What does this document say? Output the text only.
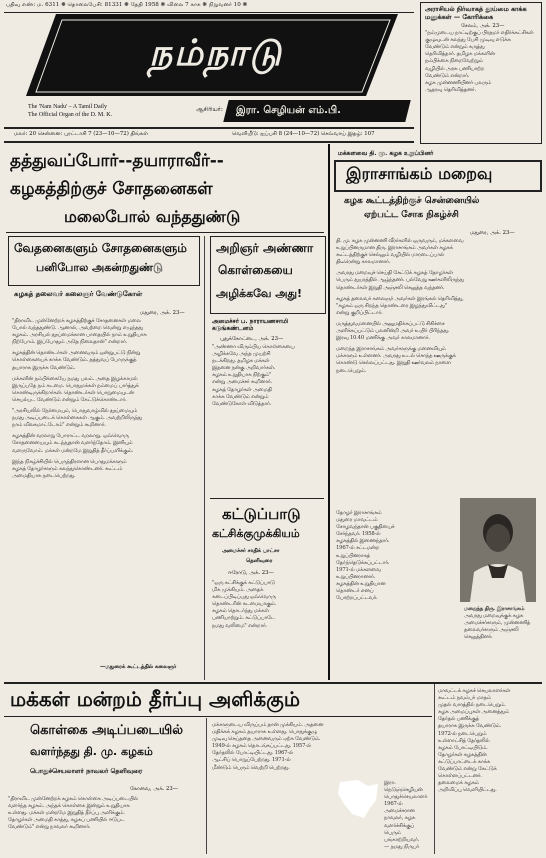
பதிவு எண்: ம. 6311 ❋ தொலைபேசி: 81331 ❋ தேதி 1958 ❋ விலை 7 காசு ❋ நிறுவனர் 10 ❋
நம்நாடு
The 'Nam Nadu' – A Tamil Daily
The Official Organ of the D. M. K.
ஆசிரியர்: இரா. செழியன் எம்.பி.
மலர்: 20 சென்னை: புரட்டாசி 7 (23—10—72) திங்கள்	வெளியீடு: ஐப்பசி 8 (24—10—72) செவ்வாய் இதழ்: 107
அராசியல் நிர்வாகத் தூய்மை காக்க மனுக்கள் — கோரிக்கை
சேலம், அக். 23—
"நம்முடைய நாட்டிற்குப் பிரதமர் எதிர்க்கட்சிகள்
குழுவுடன் கலந்து பேசி முடிவு எடுக்க
வேண்டும் என்றும் கருத்து
தெரிவித்தார். தமிழக மக்களின்
நம்பிக்கை நிறைவேற்றும்
வழியில் அரசு பணியாற்ற
வேண்டும் என்றார்.
கழக முன்னணியினர் பலரும்
ஆதரவு தெரிவித்தனர்.
தத்துவப்போர்--தயாராவீர்--
கழகத்திற்குச் சோதனைகள்
மலைபோல் வந்ததுண்டு
வேதனைகளும் சோதனைகளும்
பனிபோல அகன்றதுண்டு
கழகத் தலைவர் கலைஞர் வேண்டுகோள்
மதுரை, அக். 23—
"திராவிட முன்னேற்றக் கழகத்திற்குச் சோதனைகள் மலை
போல் வந்ததுண்டு. ஆனால், அவற்றை வென்று எழுந்தது
கழகம். அரசியல் தூய்மைக்கான பாதையில் நாம் உறுதியாக
நிற்போம். இப்போதும் அதே நிலைதான்" என்றார்.
கழகத்தின் தொண்டர்கள் அனைவரும் ஒன்றுபட்டு நின்று
கொள்கையைக் காக்க வேண்டும். தத்துவப் போருக்குத்
தயாராக இருக்க வேண்டும்.
மக்களின் நம்பிக்கையே நமது பலம். அதை இழக்காமல்
இருப்பதே நம் கடமை. பொதுமக்கள் நம்மைப் பார்த்துக்
கொண்டிருக்கிறார்கள். தொண்டர்கள் பொறுமையுடன்
செயல்பட வேண்டும் என்றும் கேட்டுக்கொண்டார்.
"அரசியலில் நேர்மையும், பொதுவாழ்வில் தூய்மையும்
நமது அடிப்படைக் கொள்கைகள் ஆகும். அவற்றிலிருந்து
நாம் விலகமாட்டோம்" என்றும் கூறினார்.
கழகத்தின் வரலாறு போராட்ட வரலாறு. ஒவ்வொரு
சோதனையையும் கடந்துதான் வளர்ந்தோம். இனியும்
வளருவோம். மக்கள் மன்றமே இறுதித் தீர்ப்பளிக்கும்.
இந்த நிகழ்ச்சியில் பெருந்திரளான பொதுமக்களும்
கழகத் தோழர்களும் கலந்துகொண்டனர். கூட்டம்
அமைதியாக நடைபெற்றது.
—மதுரைக் கூட்டத்தில் கலைஞர்
அறிஞர் அண்ணா
கொள்கையை
அழிக்கவே அது!
அமைச்சர் ப. நாராயணசாமி கடுங்கண்டனம்
புதுக்கோட்டை, அக். 23—
"அண்ணா விரும்பிய கொள்கையை
அழிக்கவே அந்த முயற்சி
நடக்கிறது. தமிழக மக்கள்
இதனை நன்கு அறிவார்கள்.
கழகம் உறுதியாக நிற்கும்"
என்று அமைச்சர் கூறினார்.
கழகத் தோழர்கள் அமைதி
காக்க வேண்டும் என்றும்
வேண்டுகோள் விடுத்தார்.
கட்டுப்பாடு
கட்சிக்குமுக்கியம்
அமைச்சர் சாதிக் பாட்சா
தெளிவுரை
ஈரோடு, அக். 23—
"ஒரு கட்சிக்குக் கட்டுப்பாடு
மிக முக்கியம். அதைக்
கடைப்பிடிப்பது ஒவ்வொரு
தொண்டரின் கடமையாகும்.
கழகம் தொடர்ந்து மக்கள்
பணியாற்றும். கட்டுப்பாடே
நமது வலிமை" என்றார்.
மக்களவை தி. மு. கழக உறுப்பினர்
இராசாங்கம் மறைவு
கழக கூட்டத்திற்குச் சென்னையில்
ஏற்பட்ட சோக நிகழ்ச்சி
மதுரை, அக். 23—
தி. மு. கழக முன்னணி வீரர்களில் ஒருவரும், மக்களவை
உறுப்பினருமான திரு. இராசாங்கம் அவர்கள் கழகக்
கூட்டத்திற்குச் செல்லும் வழியில் மாரடைப்பால்
திடீரென்று காலமானார்.
அவரது மறைவுச் செய்தி கேட்டுக் கழகத் தோழர்கள்
பெரும் துயரத்தில் ஆழ்ந்தனர். பல்வேறு ஊர்களிலிருந்து
தொண்டர்கள் இறுதி அஞ்சலி செலுத்த வந்தனர்.
கழகத் தலைவர் கலைஞர் அவர்கள் இரங்கல் தெரிவித்து,
"கழகம் ஒரு சிறந்த தொண்டரை இழந்துவிட்டது"
என்று குறிப்பிட்டார்.
மருத்துவமனையில் அனுமதிக்கப்பட்டு சிகிச்சை
அளிக்கப்பட்டும் பலனின்றி அவர் உயிர் பிரிந்தது.
இரவு 10.40 மணிக்கு அவர் காலமானார்.
மறைந்த இராசாங்கம் அவர்களுக்கு மனைவியும்
மக்களும் உள்ளனர். அவரது உடல் சொந்த ஊருக்குக்
கொண்டு செல்லப்பட்டது. இறுதி ஊர்வலம் நாளை
நடைபெறும்.
தோழர் இராசாங்கம்
மதுரை மாவட்டம்
சோழவந்தான் பகுதியைச்
சேர்ந்தவர். 1958-ல்
கழகத்தில் இணைந்தார்.
1967-ல் சட்டமன்ற
உறுப்பினராகத்
தேர்ந்தெடுக்கப்பட்டார்.
1971-ல் மக்களவை
உறுப்பினரானார்.
கழகத்தின் உறுதியான
தொண்டர் எனப்
போற்றப்பட்டவர்.
மறைந்த திரு. இராசாங்கம்
அவரது மறைவுக்குக் கழக
அமைச்சர்களும், முன்னணித்
தலைவர்களும் அஞ்சலி
செலுத்தினர்.
மக்கள் மன்றம் தீர்ப்பு அளிக்கும்
கொள்கை அடிப்படையில்
வளர்ந்தது தி. மு. கழகம்
பொதுச்செயலாளர் நாவலர் தெளிவுரை
கோவை, அக். 23—
"திராவிட முன்னேற்றக் கழகம் கொள்கை அடிப்படையில்
வளர்ந்த கழகம். அந்தக் கொள்கை இன்றும் உறுதியாக
உள்ளது. மக்கள் மன்றமே இறுதித் தீர்ப்பு அளிக்கும்.
தோழர்கள் அமைதி காத்து, கழகப் பணியில் ஈடுபட
வேண்டும்" என்று நாவலர் கூறினார்.
மக்களுடைய விருப்பம் தான் முக்கியம். அதனை
மதிக்கக் கழகம் தயாராக உள்ளது. பொதுக்குழு
முடிவு செய்ததை அனைவரும் ஏற்க வேண்டும்.
1949-ல் கழகம் தொடங்கப்பட்டது. 1957-ல்
தேர்தலில் போட்டியிட்டது. 1967-ல்
ஆட்சிப் பொறுப்பேற்றது. 1971-ல்
மீண்டும் பெரும் வெற்றி பெற்றது.
இரா. நெடுஞ்செழியன்
பொதுச்செயலாளர்
1967-ல் அமைச்சரான
நாவலர், கழக
வளர்ச்சிக்குப் பெரும்
பங்காற்றியவர்.
— நமது நிருபர்
மாவட்டக் கழகச் செயலாளர்கள்
கூட்டம் நவம்பர் மாதம்
முதல் வாரத்தில் நடைபெறும்.
கழக அமைப்புகள் அனைத்தும்
தேர்தல் பணிக்குத்
தயாராக இருக்க வேண்டும்.
1972-ல் நடைபெறும்
உள்ளாட்சித் தேர்தலில்
கழகம் போட்டியிடும்.
தோழர்கள் கழகத்தின்
கட்டுப்பாட்டைக் காக்க
வேண்டும் என்று கேட்டுக்
கொள்ளப்பட்டனர்.
தலைமைக் கழகம்
அறிவிப்பு வெளியிட்டது.
